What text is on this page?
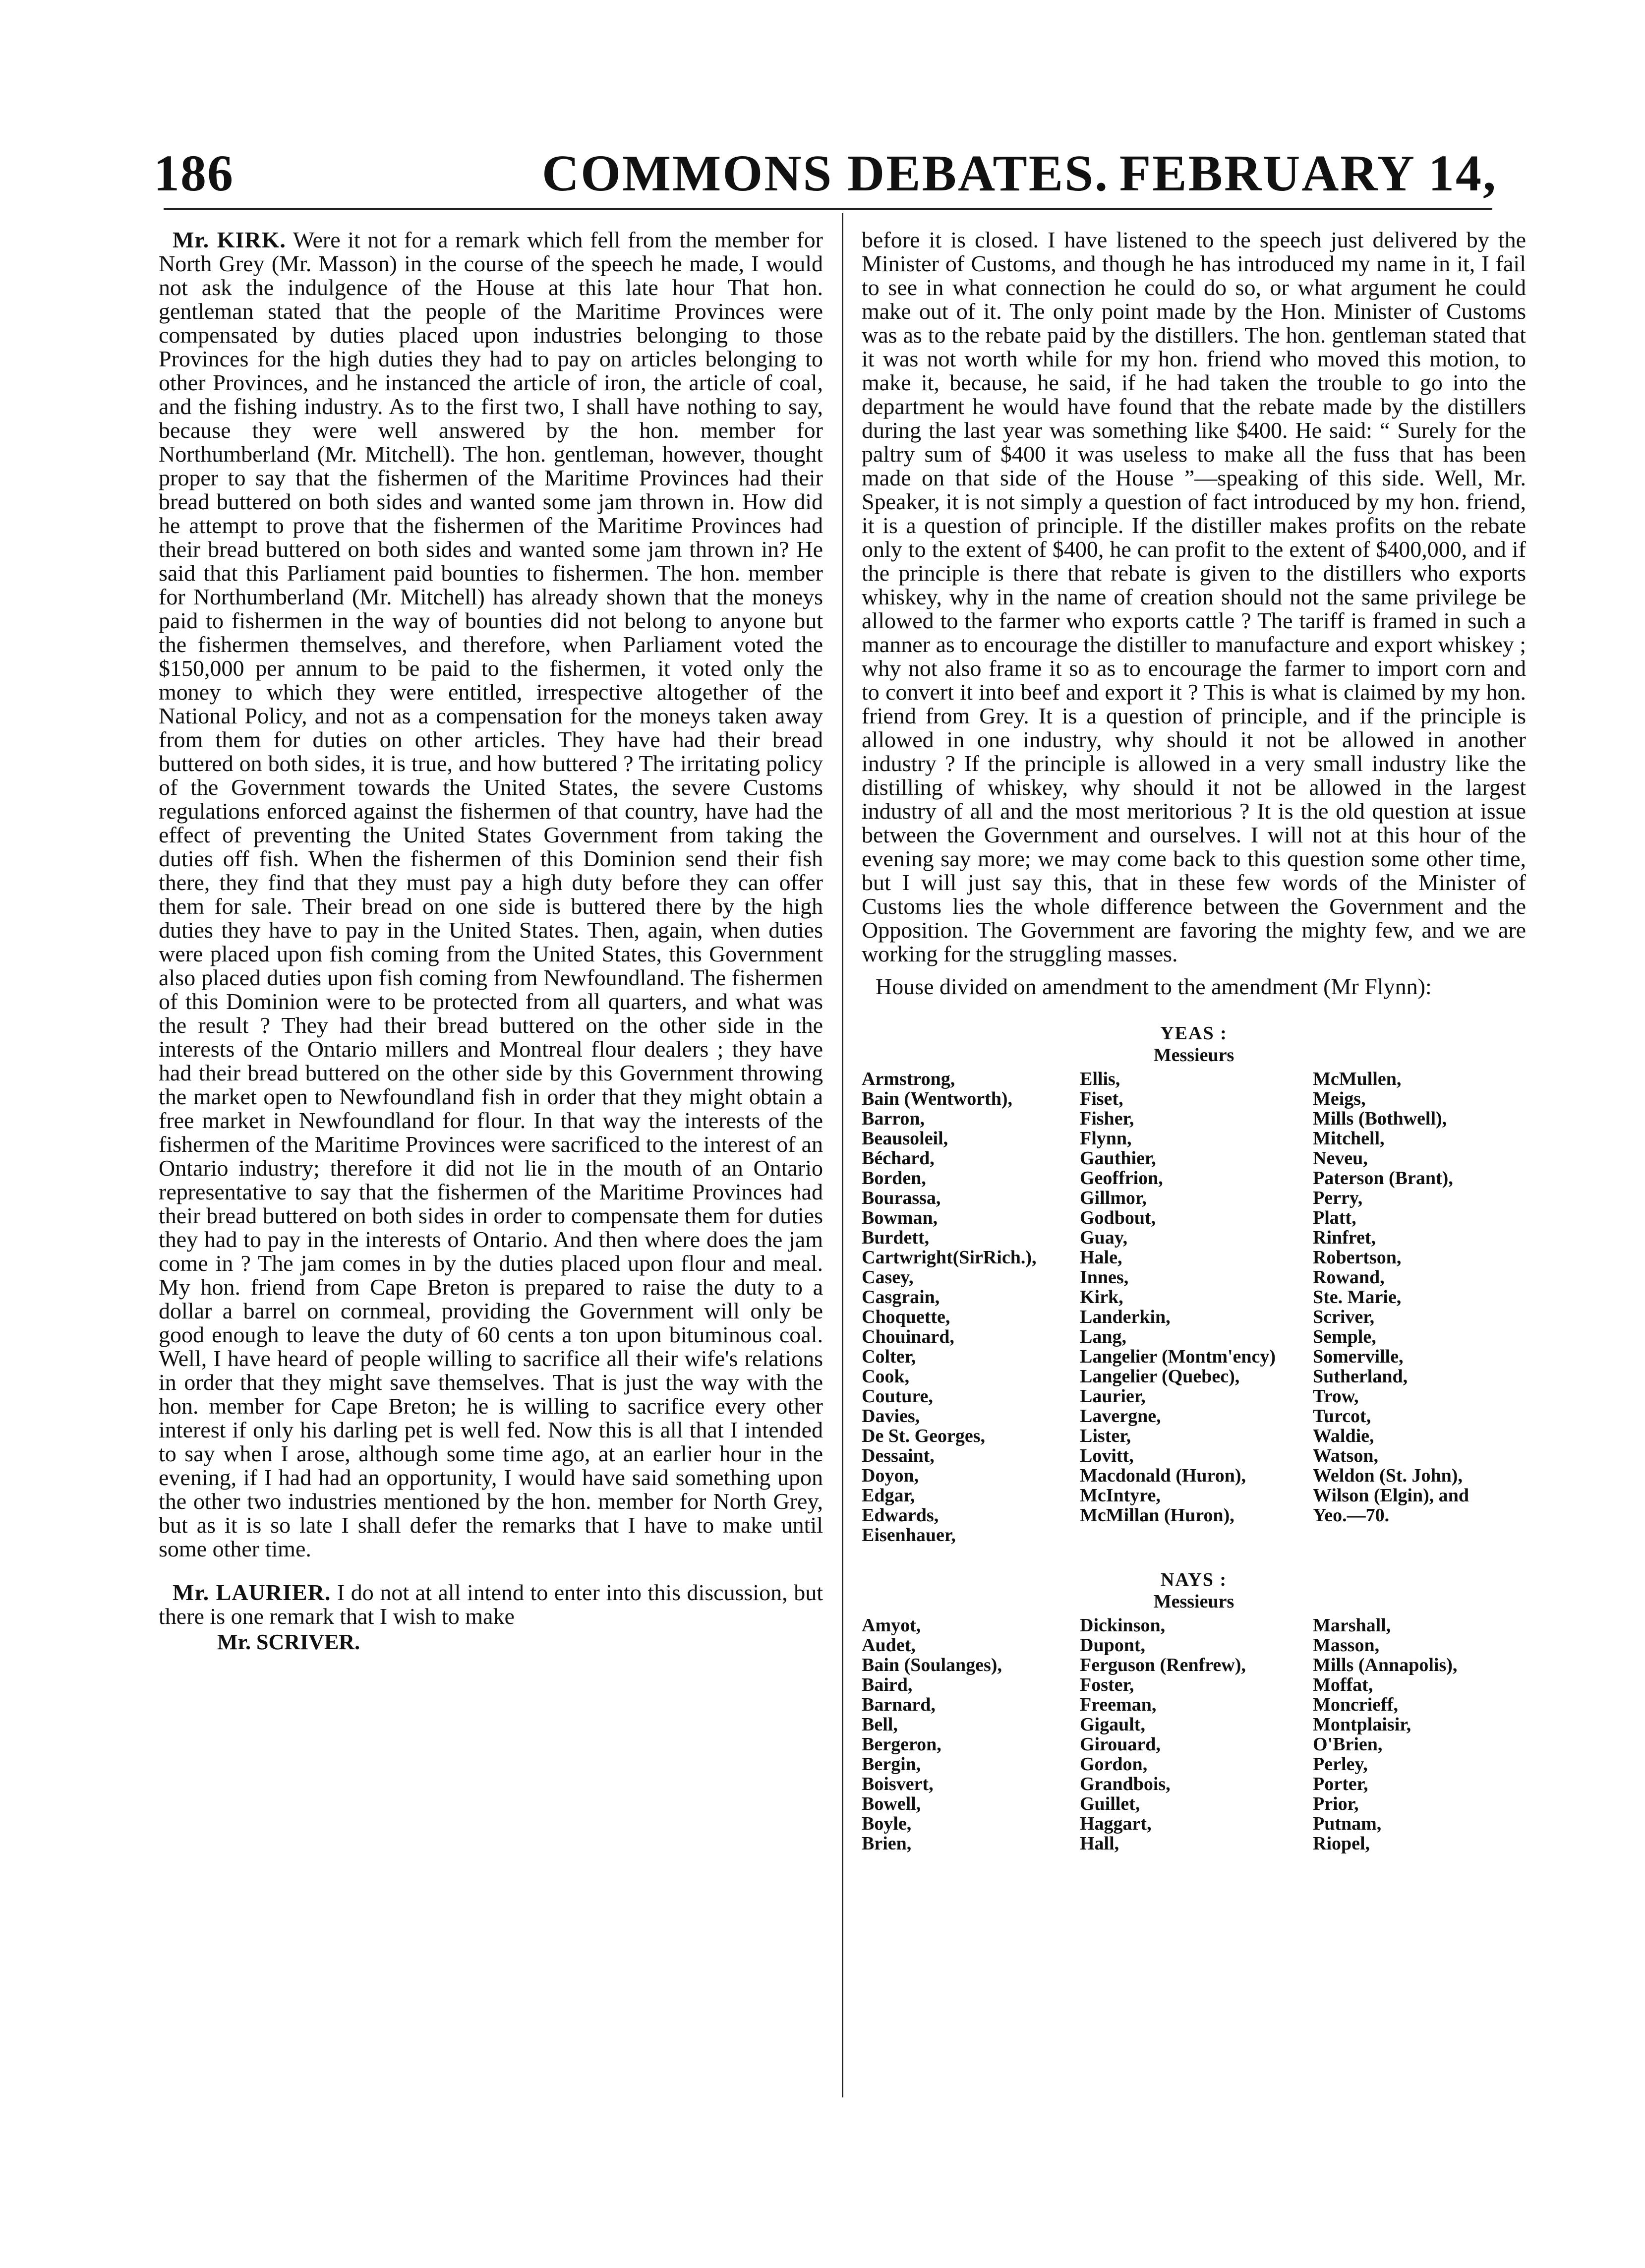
186	COMMONS DEBATES. FEBRUARY 14,

Mr. KIRK. Were it not for a remark which fell from the member for North Grey (Mr. Masson) in the course of the speech he made, I would not ask the indulgence of the House at this late hour That hon. gentleman stated that the people of the Maritime Provinces were compensated by duties placed upon industries belonging to those Provinces for the high duties they had to pay on articles belonging to other Provinces, and he instanced the article of iron, the article of coal, and the fishing industry. As to the first two, I shall have nothing to say, because they were well answered by the hon. member for Northumberland (Mr. Mitchell). The hon. gentleman, however, thought proper to say that the fishermen of the Maritime Provinces had their bread buttered on both sides and wanted some jam thrown in. How did he attempt to prove that the fishermen of the Maritime Provinces had their bread buttered on both sides and wanted some jam thrown in? He said that this Parliament paid bounties to fishermen. The hon. member for Northumberland (Mr. Mitchell) has already shown that the moneys paid to fishermen in the way of bounties did not belong to anyone but the fishermen themselves, and therefore, when Parliament voted the $150,000 per annum to be paid to the fishermen, it voted only the money to which they were entitled, irrespective altogether of the National Policy, and not as a compensation for the moneys taken away from them for duties on other articles. They have had their bread buttered on both sides, it is true, and how buttered ? The irritating policy of the Government towards the United States, the severe Customs regulations enforced against the fishermen of that country, have had the effect of preventing the United States Government from taking the duties off fish. When the fishermen of this Dominion send their fish there, they find that they must pay a high duty before they can offer them for sale. Their bread on one side is buttered there by the high duties they have to pay in the United States. Then, again, when duties were placed upon fish coming from the United States, this Government also placed duties upon fish coming from Newfoundland. The fishermen of this Dominion were to be protected from all quarters, and what was the result ? They had their bread buttered on the other side in the interests of the Ontario millers and Montreal flour dealers ; they have had their bread buttered on the other side by this Government throwing the market open to Newfoundland fish in order that they might obtain a free market in Newfoundland for flour. In that way the interests of the fishermen of the Maritime Provinces were sacrificed to the interest of an Ontario industry; therefore it did not lie in the mouth of an Ontario representative to say that the fishermen of the Maritime Provinces had their bread buttered on both sides in order to compensate them for duties they had to pay in the interests of Ontario. And then where does the jam come in ? The jam comes in by the duties placed upon flour and meal. My hon. friend from Cape Breton is prepared to raise the duty to a dollar a barrel on cornmeal, providing the Government will only be good enough to leave the duty of 60 cents a ton upon bituminous coal. Well, I have heard of people willing to sacrifice all their wife's relations in order that they might save themselves. That is just the way with the hon. member for Cape Breton; he is willing to sacrifice every other interest if only his darling pet is well fed. Now this is all that I intended to say when I arose, although some time ago, at an earlier hour in the evening, if I had had an opportunity, I would have said something upon the other two industries mentioned by the hon. member for North Grey, but as it is so late I shall defer the remarks that I have to make until some other time.

Mr. LAURIER. I do not at all intend to enter into this discussion, but there is one remark that I wish to make
Mr. SCRIVER.

before it is closed. I have listened to the speech just delivered by the Minister of Customs, and though he has introduced my name in it, I fail to see in what connection he could do so, or what argument he could make out of it. The only point made by the Hon. Minister of Customs was as to the rebate paid by the distillers. The hon. gentleman stated that it was not worth while for my hon. friend who moved this motion, to make it, because, he said, if he had taken the trouble to go into the department he would have found that the rebate made by the distillers during the last year was something like $400. He said: “ Surely for the paltry sum of $400 it was useless to make all the fuss that has been made on that side of the House ”—speaking of this side. Well, Mr. Speaker, it is not simply a question of fact introduced by my hon. friend, it is a question of principle. If the distiller makes profits on the rebate only to the extent of $400, he can profit to the extent of $400,000, and if the principle is there that rebate is given to the distillers who exports whiskey, why in the name of creation should not the same privilege be allowed to the farmer who exports cattle ? The tariff is framed in such a manner as to encourage the distiller to manufacture and export whiskey ; why not also frame it so as to encourage the farmer to import corn and to convert it into beef and export it ? This is what is claimed by my hon. friend from Grey. It is a question of principle, and if the principle is allowed in one industry, why should it not be allowed in another industry ? If the principle is allowed in a very small industry like the distilling of whiskey, why should it not be allowed in the largest industry of all and the most meritorious ? It is the old question at issue between the Government and ourselves. I will not at this hour of the evening say more; we may come back to this question some other time, but I will just say this, that in these few words of the Minister of Customs lies the whole difference between the Government and the Opposition. The Government are favoring the mighty few, and we are working for the struggling masses.

House divided on amendment to the amendment (Mr Flynn):

YEAS :
Messieurs
Armstrong,
Bain (Wentworth),
Barron,
Beausoleil,
Béchard,
Borden,
Bourassa,
Bowman,
Burdett,
Cartwright(SirRich.),
Casey,
Casgrain,
Choquette,
Chouinard,
Colter,
Cook,
Couture,
Davies,
De St. Georges,
Dessaint,
Doyon,
Edgar,
Edwards,
Eisenhauer,
Ellis,
Fiset,
Fisher,
Flynn,
Gauthier,
Geoffrion,
Gillmor,
Godbout,
Guay,
Hale,
Innes,
Kirk,
Landerkin,
Lang,
Langelier (Montm'ency)
Langelier (Quebec),
Laurier,
Lavergne,
Lister,
Lovitt,
Macdonald (Huron),
McIntyre,
McMillan (Huron),
McMullen,
Meigs,
Mills (Bothwell),
Mitchell,
Neveu,
Paterson (Brant),
Perry,
Platt,
Rinfret,
Robertson,
Rowand,
Ste. Marie,
Scriver,
Semple,
Somerville,
Sutherland,
Trow,
Turcot,
Waldie,
Watson,
Weldon (St. John),
Wilson (Elgin), and
Yeo.—70.
NAYS :
Messieurs
Amyot,
Audet,
Bain (Soulanges),
Baird,
Barnard,
Bell,
Bergeron,
Bergin,
Boisvert,
Bowell,
Boyle,
Brien,
Dickinson,
Dupont,
Ferguson (Renfrew),
Foster,
Freeman,
Gigault,
Girouard,
Gordon,
Grandbois,
Guillet,
Haggart,
Hall,
Marshall,
Masson,
Mills (Annapolis),
Moffat,
Moncrieff,
Montplaisir,
O'Brien,
Perley,
Porter,
Prior,
Putnam,
Riopel,
